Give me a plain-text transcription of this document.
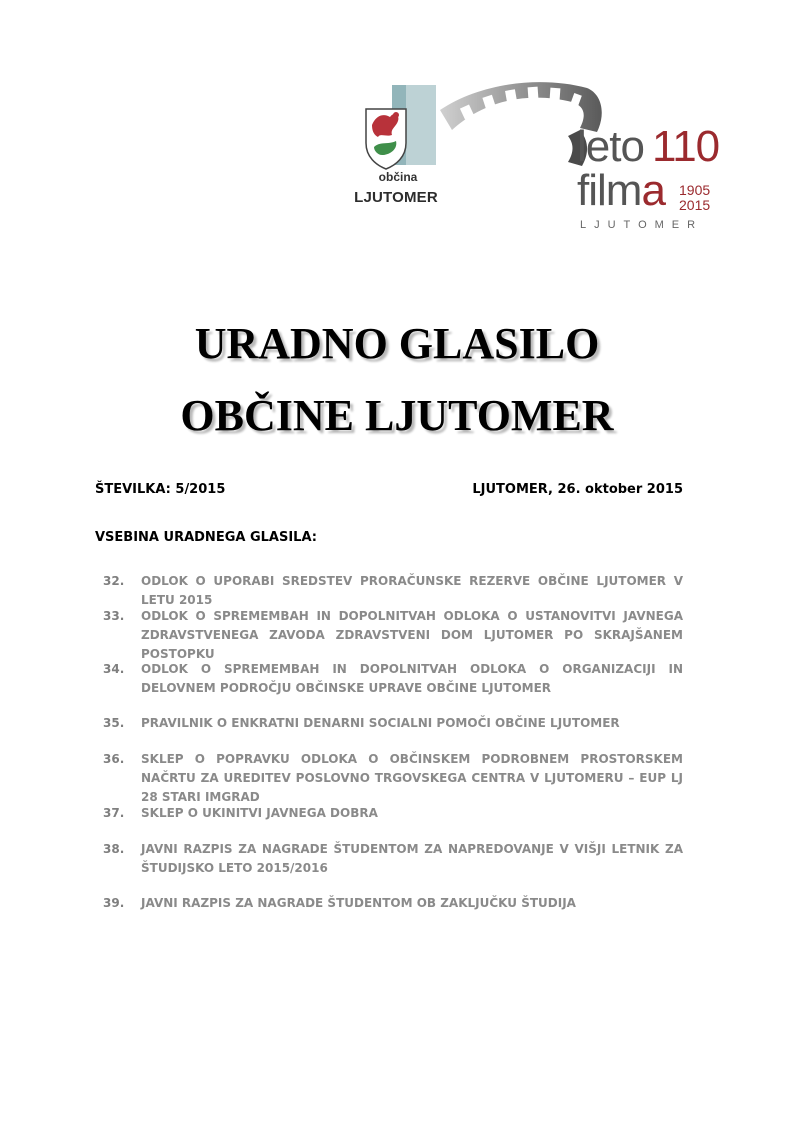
občina
LJUTOMER
leto 110
filma 1905
2015
LJUTOMER
URADNO GLASILO
OBČINE LJUTOMER
ŠTEVILKA: 5/2015	LJUTOMER, 26. oktober 2015
VSEBINA URADNEGA GLASILA:
32. ODLOK O UPORABI SREDSTEV PRORAČUNSKE REZERVE OBČINE LJUTOMER V LETU 2015
33. ODLOK O SPREMEMBAH IN DOPOLNITVAH ODLOKA O USTANOVITVI JAVNEGA ZDRAVSTVENEGA ZAVODA ZDRAVSTVENI DOM LJUTOMER PO SKRAJŠANEM POSTOPKU
34. ODLOK O SPREMEMBAH IN DOPOLNITVAH ODLOKA O ORGANIZACIJI IN DELOVNEM PODROČJU OBČINSKE UPRAVE OBČINE LJUTOMER
35. PRAVILNIK O ENKRATNI DENARNI SOCIALNI POMOČI OBČINE LJUTOMER
36. SKLEP O POPRAVKU ODLOKA O OBČINSKEM PODROBNEM PROSTORSKEM NAČRTU ZA UREDITEV POSLOVNO TRGOVSKEGA CENTRA V LJUTOMERU – EUP LJ 28 STARI IMGRAD
37. SKLEP O UKINITVI JAVNEGA DOBRA
38. JAVNI RAZPIS ZA NAGRADE ŠTUDENTOM ZA NAPREDOVANJE V VIŠJI LETNIK ZA ŠTUDIJSKO LETO 2015/2016
39. JAVNI RAZPIS ZA NAGRADE ŠTUDENTOM OB ZAKLJUČKU ŠTUDIJA
